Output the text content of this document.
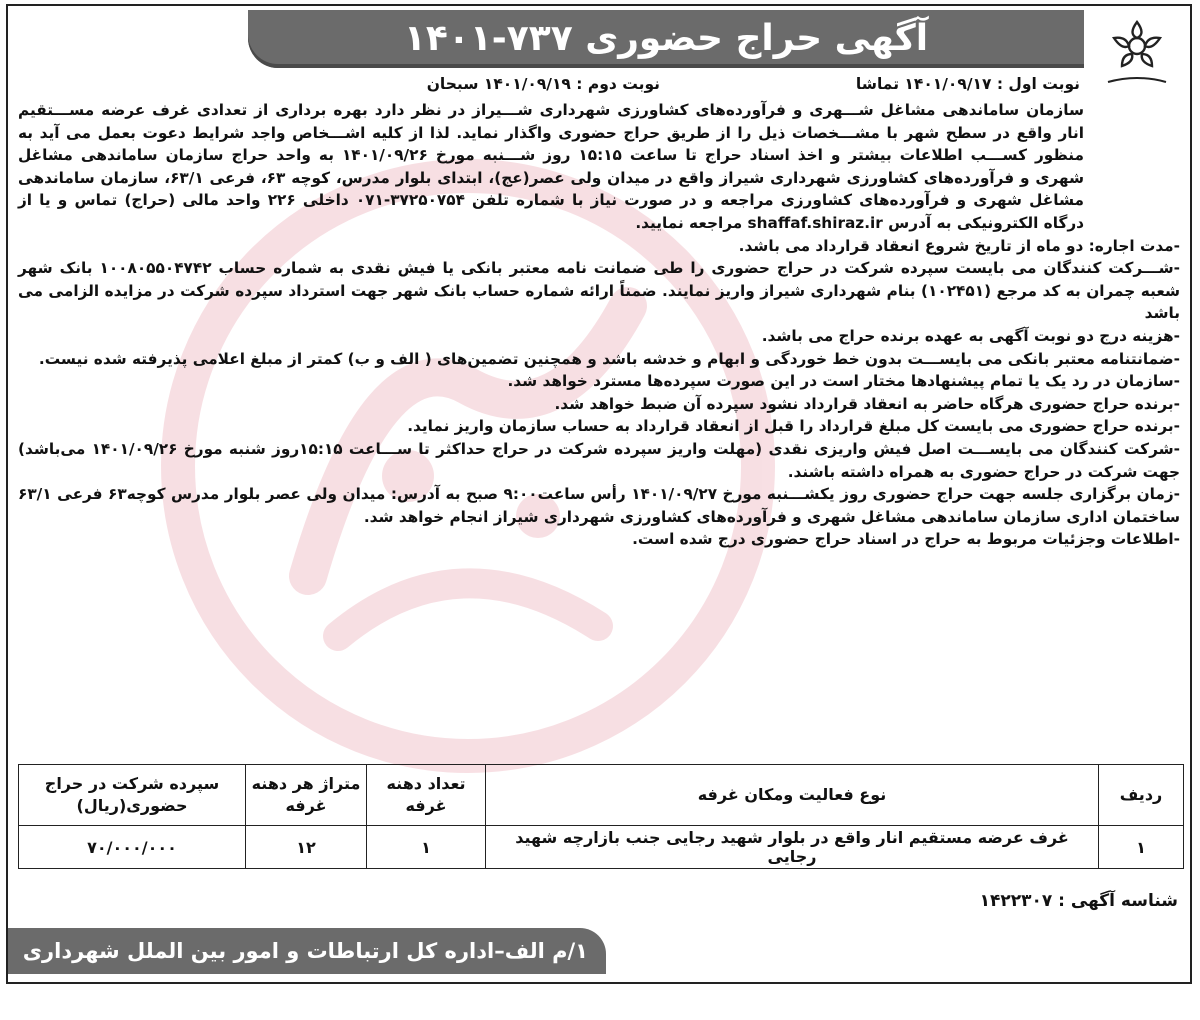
آگهی حراج حضوری ۷۳۷-۱۴۰۱
نوبت اول : ۱۴۰۱/۰۹/۱۷ تماشا
نوبت دوم : ۱۴۰۱/۰۹/۱۹ سبحان

سازمان ساماندهی مشاغل شـــهری و فرآورده‌های کشاورزی شهرداری شـــیراز در نظر دارد بهره برداری از تعدادی غرف عرضه مســـتقیم انار واقع در سطح شهر با مشـــخصات ذیل را از طریق حراج حضوری واگذار نماید. لذا از کلیه اشـــخاص واجد شرایط دعوت بعمل می آید به منظور کســـب اطلاعات بیشتر و اخذ اسناد حراج تا ساعت ۱۵:۱۵ روز شـــنبه مورخ ۱۴۰۱/۰۹/۲۶ به واحد حراج سازمان ساماندهی مشاغل شهری و فرآورده‌های کشاورزی شهرداری شیراز واقع در میدان ولی عصر(عج)، ابتدای بلوار مدرس، کوچه ۶۳، فرعی ۶۳/۱، سازمان ساماندهی مشاغل شهری و فرآورده‌های کشاورزی مراجعه و در صورت نیاز با شماره تلفن ۳۷۲۵۰۷۵۴-۰۷۱ داخلی ۲۲۶ واحد مالی (حراج) تماس و یا از درگاه الکترونیکی به آدرس shaffaf.shiraz.ir مراجعه نمایید.

-مدت اجاره: دو ماه از تاریخ شروع انعقاد قرارداد می باشد.

-شـــرکت کنندگان می بایست سپرده شرکت در حراج حضوری را طی ضمانت نامه معتبر بانکی یا فیش نقدی به شماره حساب ۱۰۰۸۰۵۵۰۴۷۴۲ بانک شهر شعبه چمران به کد مرجع (۱۰۲۴۵۱) بنام شهرداری شیراز واریز نمایند. ضمناً ارائه شماره حساب بانک شهر جهت استرداد سپرده شرکت در مزایده الزامی می باشد

-هزینه درج دو نوبت آگهی به عهده برنده حراج می باشد.

-ضمانتنامه معتبر بانکی می بایســـت بدون خط خوردگی و ابهام و خدشه باشد و همچنین تضمین‌های ( الف و ب) کمتر از مبلغ اعلامی پذیرفته شده نیست.

-سازمان در رد یک یا تمام پیشنهادها مختار است در این صورت سپرده‌ها مسترد خواهد شد.

-برنده حراج حضوری هرگاه حاضر به انعقاد قرارداد نشود سپرده آن ضبط خواهد شد.

-برنده حراج حضوری می بایست کل مبلغ قرارداد را قبل از انعقاد قرارداد به حساب سازمان واریز نماید.

-شرکت کنندگان می بایســـت اصل فیش واریزی نقدی (مهلت واریز سپرده شرکت در حراج حداکثر تا ســـاعت ۱۵:۱۵روز شنبه مورخ ۱۴۰۱/۰۹/۲۶ می‌باشد) جهت شرکت در حراج حضوری به همراه داشته باشند.

-زمان برگزاری جلسه جهت حراج حضوری روز یکشـــنبه مورخ ۱۴۰۱/۰۹/۲۷ رأس ساعت۹:۰۰ صبح به آدرس: میدان ولی عصر بلوار مدرس کوچه۶۳ فرعی ۶۳/۱ ساختمان اداری سازمان ساماندهی مشاغل شهری و فرآورده‌های کشاورزی شهرداری شیراز انجام خواهد شد.

-اطلاعات وجزئیات مربوط به حراج در اسناد حراج حضوری درج شده است.

ردیف	نوع فعالیت ومکان غرفه	تعداد دهنه غرفه	متراژ هر دهنه غرفه	سپرده شرکت در حراج حضوری(ریال)
۱	غرف عرضه مستقیم انار واقع در بلوار شهید رجایی جنب بازارچه شهید رجایی	۱	۱۲	۷۰/۰۰۰/۰۰۰
شناسه آگهی : ۱۴۲۲۳۰۷
۱/م الف–اداره کل ارتباطات و امور بین الملل شهرداری شیراز–
